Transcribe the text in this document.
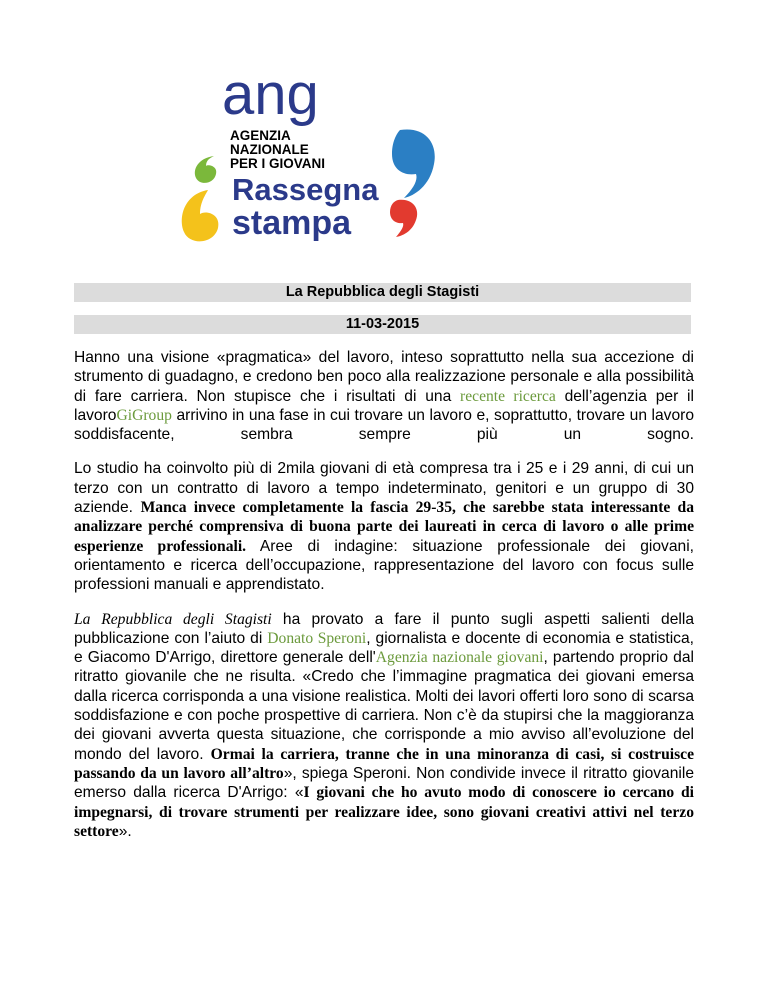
ang
AGENZIA
NAZIONALE
PER I GIOVANI
Rassegna
stampa
La Repubblica degli Stagisti
11-03-2015

Hanno una visione «pragmatica» del lavoro, inteso soprattutto nella sua accezione di strumento di guadagno, e credono ben poco alla realizzazione personale e alla possibilità di fare carriera. Non stupisce che i risultati di una recente ricerca dell’agenzia per il lavoroGiGroup arrivino in una fase in cui trovare un lavoro e, soprattutto, trovare un lavoro soddisfacente, sembra sempre più un sogno.

Lo studio ha coinvolto più di 2mila giovani di età compresa tra i 25 e i 29 anni, di cui un terzo con un contratto di lavoro a tempo indeterminato, genitori e un gruppo di 30 aziende. Manca invece completamente la fascia 29-35, che sarebbe stata interessante da analizzare perché comprensiva di buona parte dei laureati in cerca di lavoro o alle prime esperienze professionali. Aree di indagine: situazione professionale dei giovani, orientamento e ricerca dell’occupazione, rappresentazione del lavoro con focus sulle professioni manuali e apprendistato.

La Repubblica degli Stagisti ha provato a fare il punto sugli aspetti salienti della pubblicazione con l’aiuto di Donato Speroni, giornalista e docente di economia e statistica, e Giacomo D'Arrigo, direttore generale dell'Agenzia nazionale giovani, partendo proprio dal ritratto giovanile che ne risulta. «Credo che l’immagine pragmatica dei giovani emersa dalla ricerca corrisponda a una visione realistica. Molti dei lavori offerti loro sono di scarsa soddisfazione e con poche prospettive di carriera. Non c’è da stupirsi che la maggioranza dei giovani avverta questa situazione, che corrisponde a mio avviso all’evoluzione del mondo del lavoro. Ormai la carriera, tranne che in una minoranza di casi, si costruisce passando da un lavoro all’altro», spiega Speroni. Non condivide invece il ritratto giovanile emerso dalla ricerca D'Arrigo: «I giovani che ho avuto modo di conoscere io cercano di impegnarsi, di trovare strumenti per realizzare idee, sono giovani creativi attivi nel terzo settore».
